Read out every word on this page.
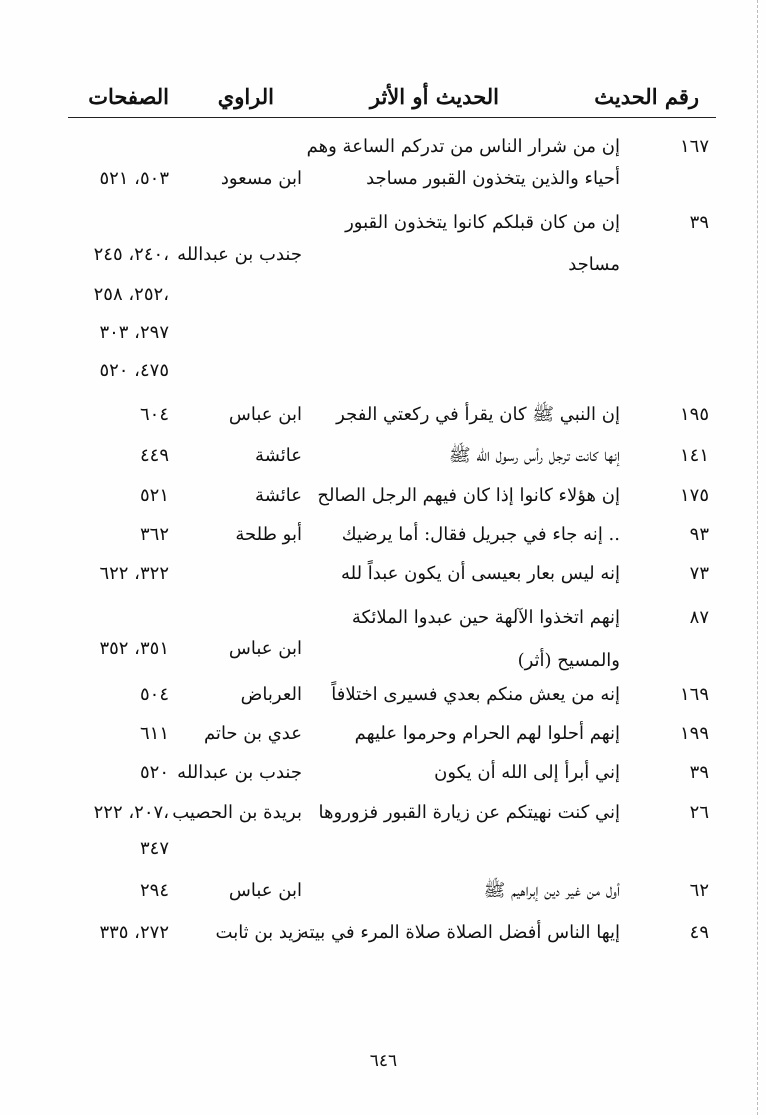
رقم الحديث
الحديث أو الأثر
الراوي
الصفحات
١٦٧
إن من شرار الناس من تدركم الساعة وهم
أحياء والذين يتخذون القبور مساجد
ابن مسعود
٥٠٣، ٥٢١
٣٩
إن من كان قبلكم كانوا يتخذون القبور
جندب بن عبدالله
٢٤٠، ٢٤٥،	مساجد
٢٥٢، ٢٥٨،
٢٩٧، ٣٠٣
٤٧٥، ٥٢٠
١٩٥
إن النبي ﷺ كان يقرأ في ركعتي الفجر
ابن عباس
٦٠٤
١٤١
إنها كانت ترجل رأس رسول الله ﷺ
عائشة
٤٤٩
١٧٥
إن هؤلاء كانوا إذا كان فيهم الرجل الصالح
عائشة
٥٢١
٩٣
إنه جاء في جبريل فقال: أما يرضيك ..
أبو طلحة
٣٦٢
٧٣
إنه ليس بعار بعيسى أن يكون عبداً لله
٣٢٢، ٦٢٢
٨٧
إنهم اتخذوا الآلهة حين عبدوا الملائكة
ابن عباس
٣٥١، ٣٥٢
والمسيح (أثر)
١٦٩
إنه من يعش منكم بعدي فسيرى اختلافاً
العرباض
٥٠٤
١٩٩
إنهم أحلوا لهم الحرام وحرموا عليهم
عدي بن حاتم
٦١١
٣٩
إني أبرأ إلى الله أن يكون
جندب بن عبدالله
٥٢٠
٢٦
إني كنت نهيتكم عن زيارة القبور فزوروها
بريدة بن الحصيب
٢٠٧، ٢٢٢،
٣٤٧
٦٢
أول من غير دين إبراهيم ﷺ
ابن عباس
٢٩٤
٤٩
إيها الناس أفضل الصلاة صلاة المرء في بيته
زيد بن ثابت
٢٧٢، ٣٣٥
٦٤٦
